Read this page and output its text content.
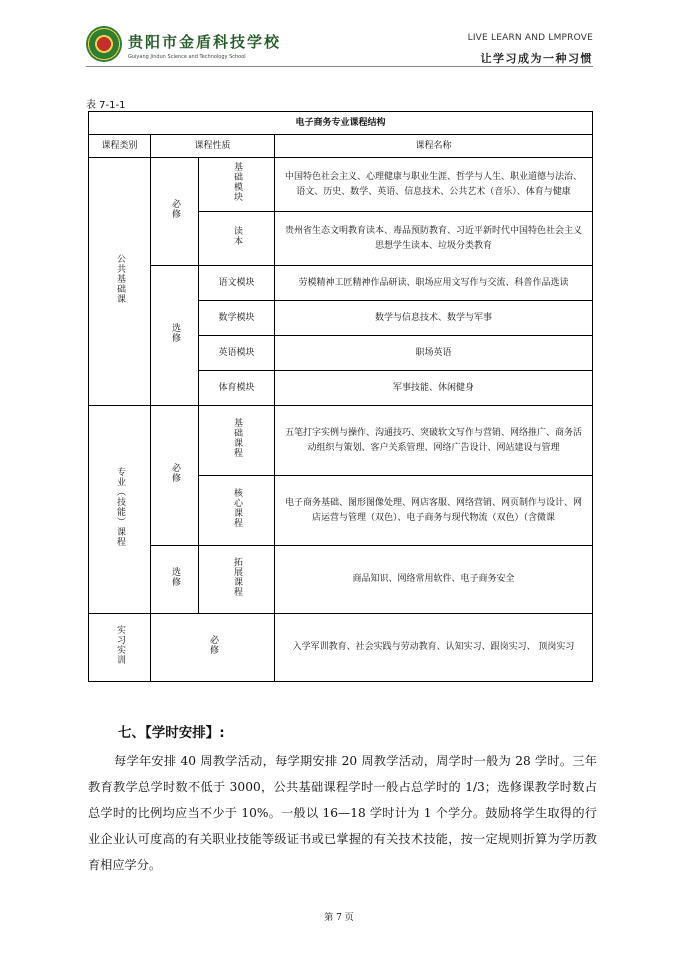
贵阳市金盾科技学校
Guiyang Jindun Science and Technology School
LIVE LEARN AND LMPROVE
让学习成为一种习惯
表 7-1-1
电子商务专业课程结构			
课程类别	课程性质		课程名称
公共基础课	必修	基础模块	中国特色社会主义、心理健康与职业生涯、哲学与人生、职业道德与法治、语文、历史、数学、英语、信息技术、公共艺术（音乐）、体育与健康
		读本	贵州省生态文明教育读本、毒品预防教育、习近平新时代中国特色社会主义思想学生读本、垃圾分类教育
	选修	语文模块	劳模精神工匠精神作品研读、职场应用文写作与交流、科普作品选读
		数学模块	数学与信息技术、数学与军事
		英语模块	职场英语
		体育模块	军事技能、休闲健身
专业（技能）课程	必修	基础课程	五笔打字实例与操作、沟通技巧、突破软文写作与营销、网络推广、商务活动组织与策划、客户关系管理、网络广告设计、网站建设与管理
		核心课程	电子商务基础、图形图像处理、网店客服、网络营销、网页制作与设计、网店运营与管理（双色）、电子商务与现代物流（双色）（含微课
	选修	拓展课程	商品知识、网络常用软件、电子商务安全
实习实训	必修		入学军训教育、社会实践与劳动教育、认知实习、跟岗实习、 顶岗实习
七、【学时安排】:

每学年安排 40 周教学活动，每学期安排 20 周教学活动，周学时一般为 28 学时。三年教育教学总学时数不低于 3000，公共基础课程学时一般占总学时的 1/3；选修课教学时数占总学时的比例均应当不少于 10%。一般以 16—18 学时计为 1 个学分。鼓励将学生取得的行业企业认可度高的有关职业技能等级证书或已掌握的有关技术技能，按一定规则折算为学历教育相应学分。

第 7 页
